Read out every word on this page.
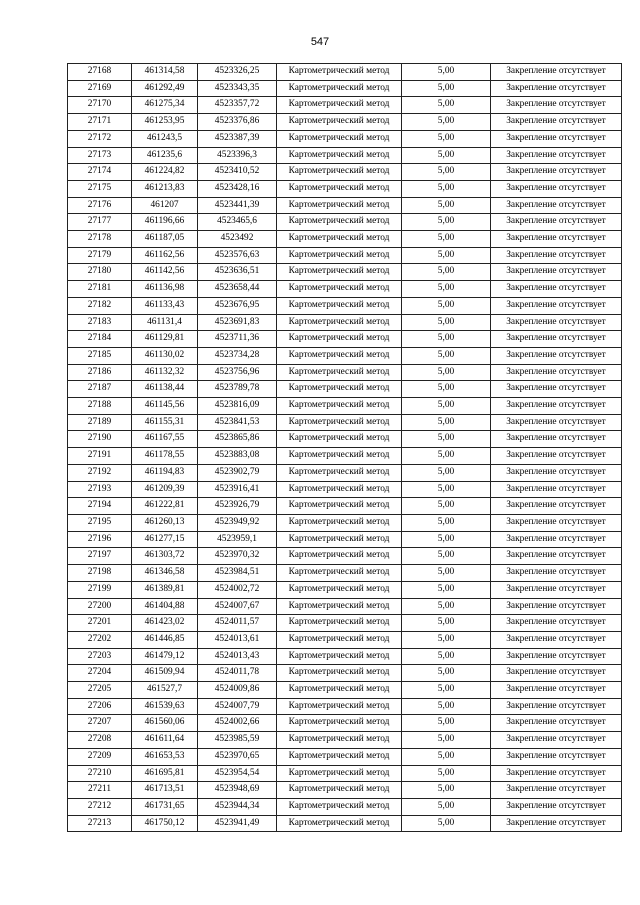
547
27168	461314,58	4523326,25	Картометрический метод	5,00	Закрепление отсутствует
27169	461292,49	4523343,35	Картометрический метод	5,00	Закрепление отсутствует
27170	461275,34	4523357,72	Картометрический метод	5,00	Закрепление отсутствует
27171	461253,95	4523376,86	Картометрический метод	5,00	Закрепление отсутствует
27172	461243,5	4523387,39	Картометрический метод	5,00	Закрепление отсутствует
27173	461235,6	4523396,3	Картометрический метод	5,00	Закрепление отсутствует
27174	461224,82	4523410,52	Картометрический метод	5,00	Закрепление отсутствует
27175	461213,83	4523428,16	Картометрический метод	5,00	Закрепление отсутствует
27176	461207	4523441,39	Картометрический метод	5,00	Закрепление отсутствует
27177	461196,66	4523465,6	Картометрический метод	5,00	Закрепление отсутствует
27178	461187,05	4523492	Картометрический метод	5,00	Закрепление отсутствует
27179	461162,56	4523576,63	Картометрический метод	5,00	Закрепление отсутствует
27180	461142,56	4523636,51	Картометрический метод	5,00	Закрепление отсутствует
27181	461136,98	4523658,44	Картометрический метод	5,00	Закрепление отсутствует
27182	461133,43	4523676,95	Картометрический метод	5,00	Закрепление отсутствует
27183	461131,4	4523691,83	Картометрический метод	5,00	Закрепление отсутствует
27184	461129,81	4523711,36	Картометрический метод	5,00	Закрепление отсутствует
27185	461130,02	4523734,28	Картометрический метод	5,00	Закрепление отсутствует
27186	461132,32	4523756,96	Картометрический метод	5,00	Закрепление отсутствует
27187	461138,44	4523789,78	Картометрический метод	5,00	Закрепление отсутствует
27188	461145,56	4523816,09	Картометрический метод	5,00	Закрепление отсутствует
27189	461155,31	4523841,53	Картометрический метод	5,00	Закрепление отсутствует
27190	461167,55	4523865,86	Картометрический метод	5,00	Закрепление отсутствует
27191	461178,55	4523883,08	Картометрический метод	5,00	Закрепление отсутствует
27192	461194,83	4523902,79	Картометрический метод	5,00	Закрепление отсутствует
27193	461209,39	4523916,41	Картометрический метод	5,00	Закрепление отсутствует
27194	461222,81	4523926,79	Картометрический метод	5,00	Закрепление отсутствует
27195	461260,13	4523949,92	Картометрический метод	5,00	Закрепление отсутствует
27196	461277,15	4523959,1	Картометрический метод	5,00	Закрепление отсутствует
27197	461303,72	4523970,32	Картометрический метод	5,00	Закрепление отсутствует
27198	461346,58	4523984,51	Картометрический метод	5,00	Закрепление отсутствует
27199	461389,81	4524002,72	Картометрический метод	5,00	Закрепление отсутствует
27200	461404,88	4524007,67	Картометрический метод	5,00	Закрепление отсутствует
27201	461423,02	4524011,57	Картометрический метод	5,00	Закрепление отсутствует
27202	461446,85	4524013,61	Картометрический метод	5,00	Закрепление отсутствует
27203	461479,12	4524013,43	Картометрический метод	5,00	Закрепление отсутствует
27204	461509,94	4524011,78	Картометрический метод	5,00	Закрепление отсутствует
27205	461527,7	4524009,86	Картометрический метод	5,00	Закрепление отсутствует
27206	461539,63	4524007,79	Картометрический метод	5,00	Закрепление отсутствует
27207	461560,06	4524002,66	Картометрический метод	5,00	Закрепление отсутствует
27208	461611,64	4523985,59	Картометрический метод	5,00	Закрепление отсутствует
27209	461653,53	4523970,65	Картометрический метод	5,00	Закрепление отсутствует
27210	461695,81	4523954,54	Картометрический метод	5,00	Закрепление отсутствует
27211	461713,51	4523948,69	Картометрический метод	5,00	Закрепление отсутствует
27212	461731,65	4523944,34	Картометрический метод	5,00	Закрепление отсутствует
27213	461750,12	4523941,49	Картометрический метод	5,00	Закрепление отсутствует
